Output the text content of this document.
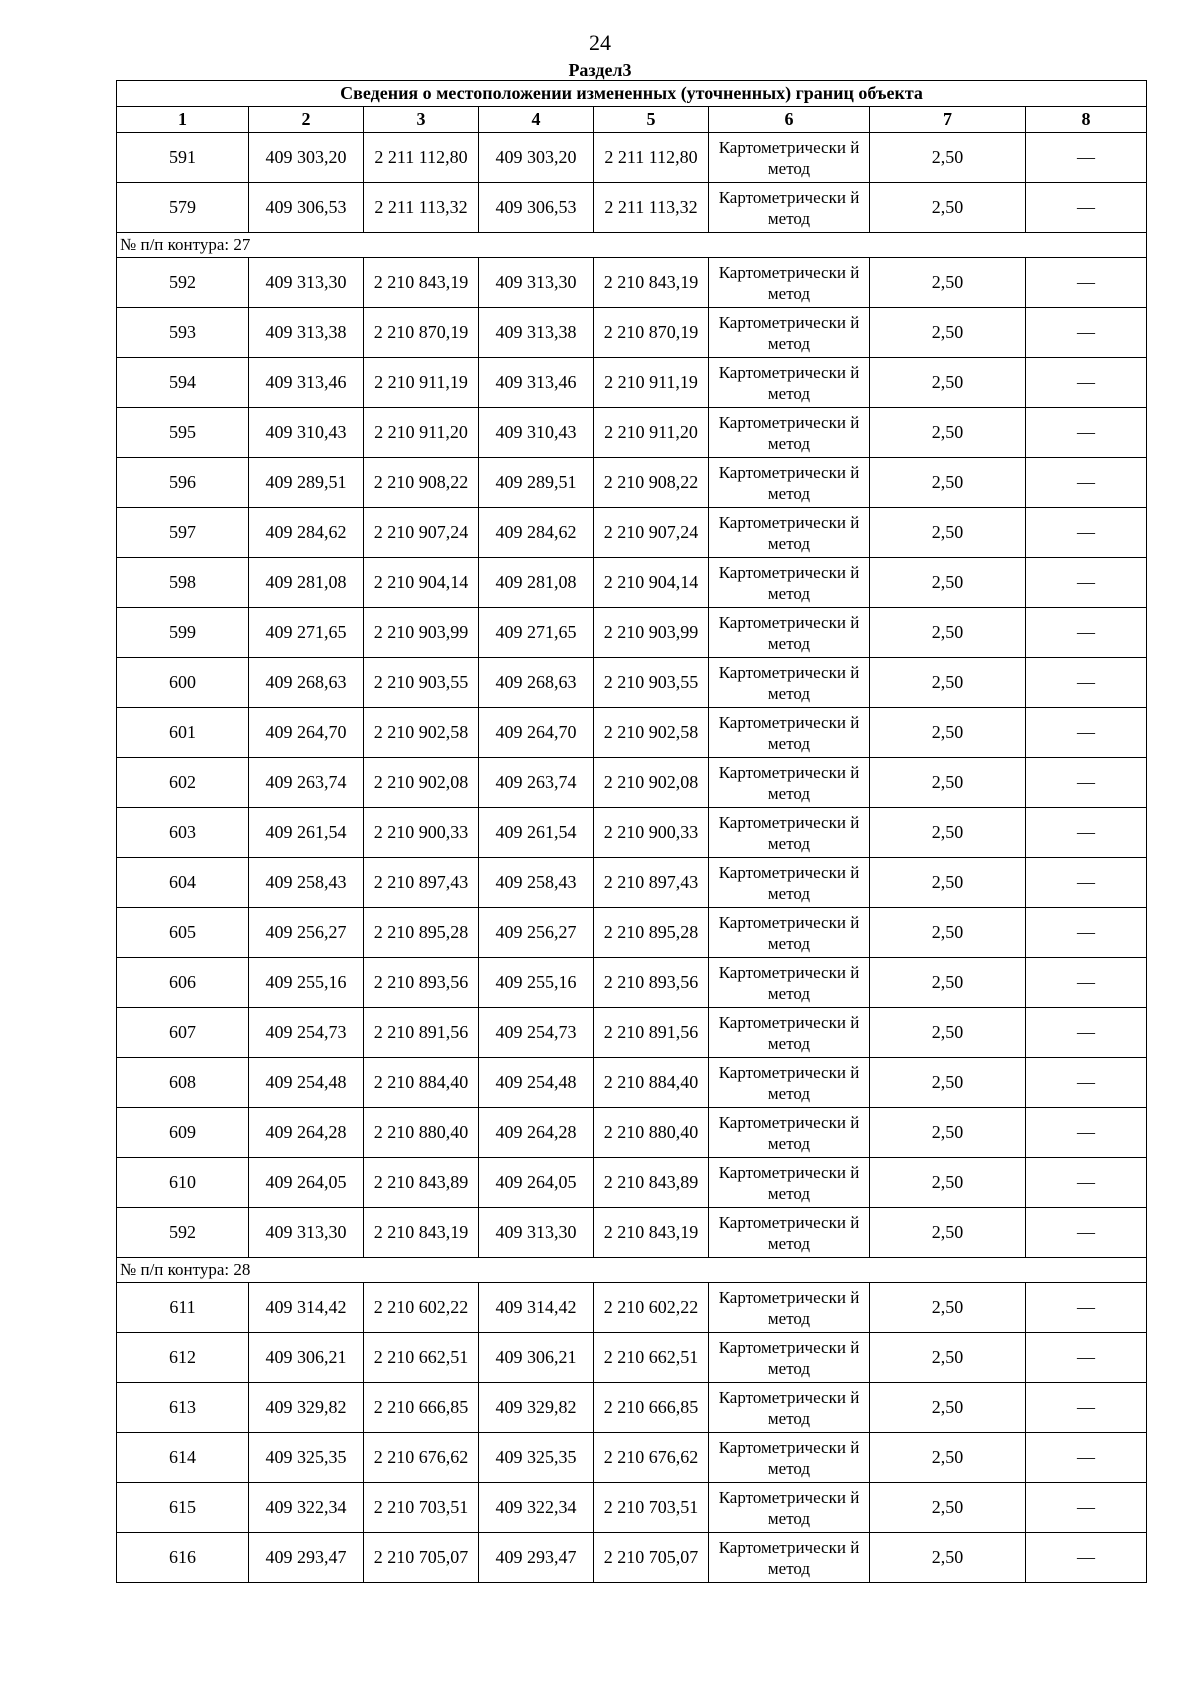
24
Раздел3
Сведения о местоположении измененных (уточненных) границ объекта							
1	2	3	4	5	6	7	8
591	409 303,20	2 211 112,80	409 303,20	2 211 112,80	Картометрически й метод	2,50	—
579	409 306,53	2 211 113,32	409 306,53	2 211 113,32	Картометрически й метод	2,50	—
№ п/п контура: 27							
592	409 313,30	2 210 843,19	409 313,30	2 210 843,19	Картометрически й метод	2,50	—
593	409 313,38	2 210 870,19	409 313,38	2 210 870,19	Картометрически й метод	2,50	—
594	409 313,46	2 210 911,19	409 313,46	2 210 911,19	Картометрически й метод	2,50	—
595	409 310,43	2 210 911,20	409 310,43	2 210 911,20	Картометрически й метод	2,50	—
596	409 289,51	2 210 908,22	409 289,51	2 210 908,22	Картометрически й метод	2,50	—
597	409 284,62	2 210 907,24	409 284,62	2 210 907,24	Картометрически й метод	2,50	—
598	409 281,08	2 210 904,14	409 281,08	2 210 904,14	Картометрически й метод	2,50	—
599	409 271,65	2 210 903,99	409 271,65	2 210 903,99	Картометрически й метод	2,50	—
600	409 268,63	2 210 903,55	409 268,63	2 210 903,55	Картометрически й метод	2,50	—
601	409 264,70	2 210 902,58	409 264,70	2 210 902,58	Картометрически й метод	2,50	—
602	409 263,74	2 210 902,08	409 263,74	2 210 902,08	Картометрически й метод	2,50	—
603	409 261,54	2 210 900,33	409 261,54	2 210 900,33	Картометрически й метод	2,50	—
604	409 258,43	2 210 897,43	409 258,43	2 210 897,43	Картометрически й метод	2,50	—
605	409 256,27	2 210 895,28	409 256,27	2 210 895,28	Картометрически й метод	2,50	—
606	409 255,16	2 210 893,56	409 255,16	2 210 893,56	Картометрически й метод	2,50	—
607	409 254,73	2 210 891,56	409 254,73	2 210 891,56	Картометрически й метод	2,50	—
608	409 254,48	2 210 884,40	409 254,48	2 210 884,40	Картометрически й метод	2,50	—
609	409 264,28	2 210 880,40	409 264,28	2 210 880,40	Картометрически й метод	2,50	—
610	409 264,05	2 210 843,89	409 264,05	2 210 843,89	Картометрически й метод	2,50	—
592	409 313,30	2 210 843,19	409 313,30	2 210 843,19	Картометрически й метод	2,50	—
№ п/п контура: 28							
611	409 314,42	2 210 602,22	409 314,42	2 210 602,22	Картометрически й метод	2,50	—
612	409 306,21	2 210 662,51	409 306,21	2 210 662,51	Картометрически й метод	2,50	—
613	409 329,82	2 210 666,85	409 329,82	2 210 666,85	Картометрически й метод	2,50	—
614	409 325,35	2 210 676,62	409 325,35	2 210 676,62	Картометрически й метод	2,50	—
615	409 322,34	2 210 703,51	409 322,34	2 210 703,51	Картометрически й метод	2,50	—
616	409 293,47	2 210 705,07	409 293,47	2 210 705,07	Картометрически й метод	2,50	—
